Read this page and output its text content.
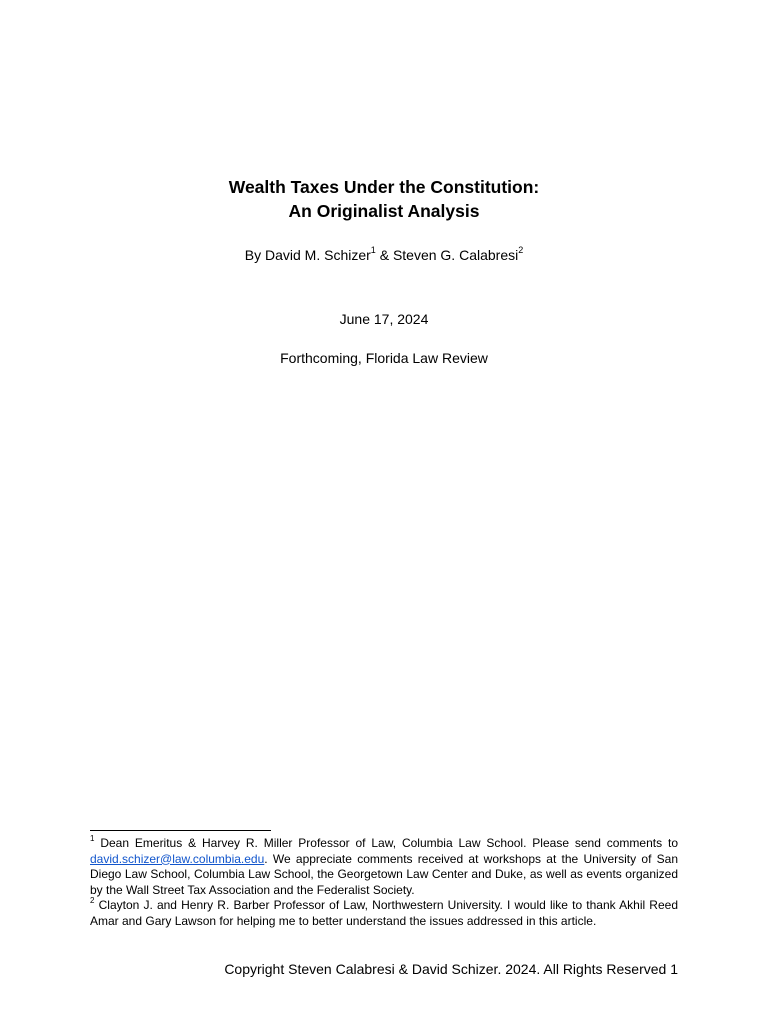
Wealth Taxes Under the Constitution:
An Originalist Analysis
By David M. Schizer$^1$ & Steven G. Calabresi$^2$
June 17, 2024
Forthcoming, Florida Law Review

$^1$ Dean Emeritus & Harvey R. Miller Professor of Law, Columbia Law School. Please send comments to david.schizer@law.columbia.edu. We appreciate comments received at workshops at the University of San Diego Law School, Columbia Law School, the Georgetown Law Center and Duke, as well as events organized by the Wall Street Tax Association and the Federalist Society.

$^2$ Clayton J. and Henry R. Barber Professor of Law, Northwestern University. I would like to thank Akhil Reed Amar and Gary Lawson for helping me to better understand the issues addressed in this article.

Copyright Steven Calabresi & David Schizer. 2024. All Rights Reserved 1
